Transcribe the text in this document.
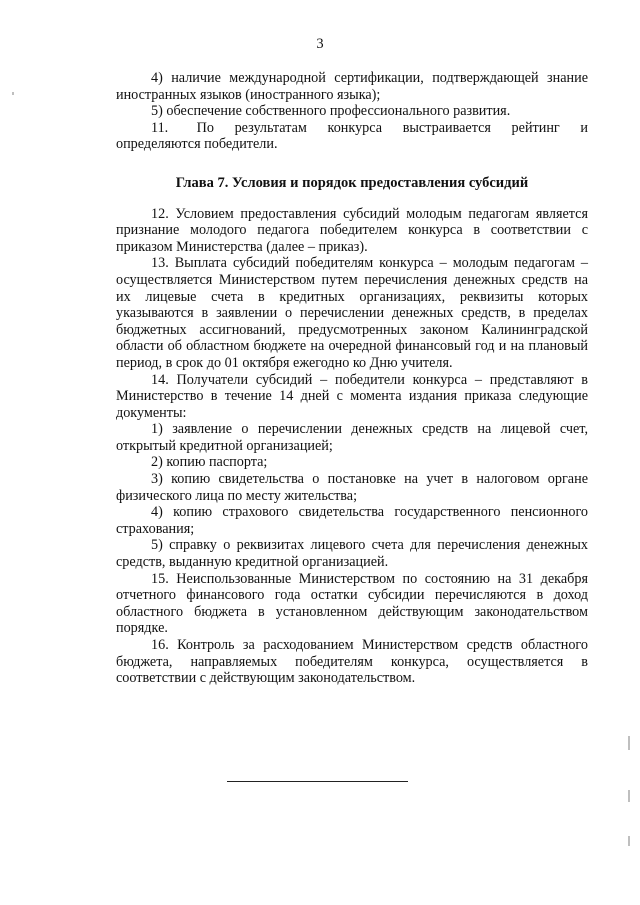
3

4) наличие международной сертификации, подтверждающей знание иностранных языков (иностранного языка);

5) обеспечение собственного профессионального развития.

11.  По результатам конкурса выстраивается рейтинг и определяются победители.

Глава 7. Условия и порядок предоставления субсидий

12. Условием предоставления субсидий молодым педагогам является признание молодого педагога победителем конкурса в соответствии с приказом Министерства (далее – приказ).

13. Выплата субсидий победителям конкурса – молодым педагогам – осуществляется Министерством путем перечисления денежных средств на их лицевые счета в кредитных организациях, реквизиты которых указываются в заявлении о перечислении денежных средств, в пределах бюджетных ассигнований, предусмотренных законом Калининградской области об областном бюджете на очередной финансовый год и на плановый период, в срок до 01 октября ежегодно ко Дню учителя.

14. Получатели субсидий – победители конкурса – представляют в Министерство в течение 14 дней с момента издания приказа следующие документы:

1) заявление о перечислении денежных средств на лицевой счет, открытый кредитной организацией;

2) копию паспорта;

3) копию свидетельства о постановке на учет в налоговом органе физического лица по месту жительства;

4) копию страхового свидетельства государственного пенсионного страхования;

5) справку о реквизитах лицевого счета для перечисления денежных средств, выданную кредитной организацией.

15. Неиспользованные Министерством по состоянию на 31 декабря отчетного финансового года остатки субсидии перечисляются в доход областного бюджета в установленном действующим законодательством порядке.

16. Контроль за расходованием Министерством средств областного бюджета, направляемых победителям конкурса, осуществляется в соответствии с действующим законодательством.
